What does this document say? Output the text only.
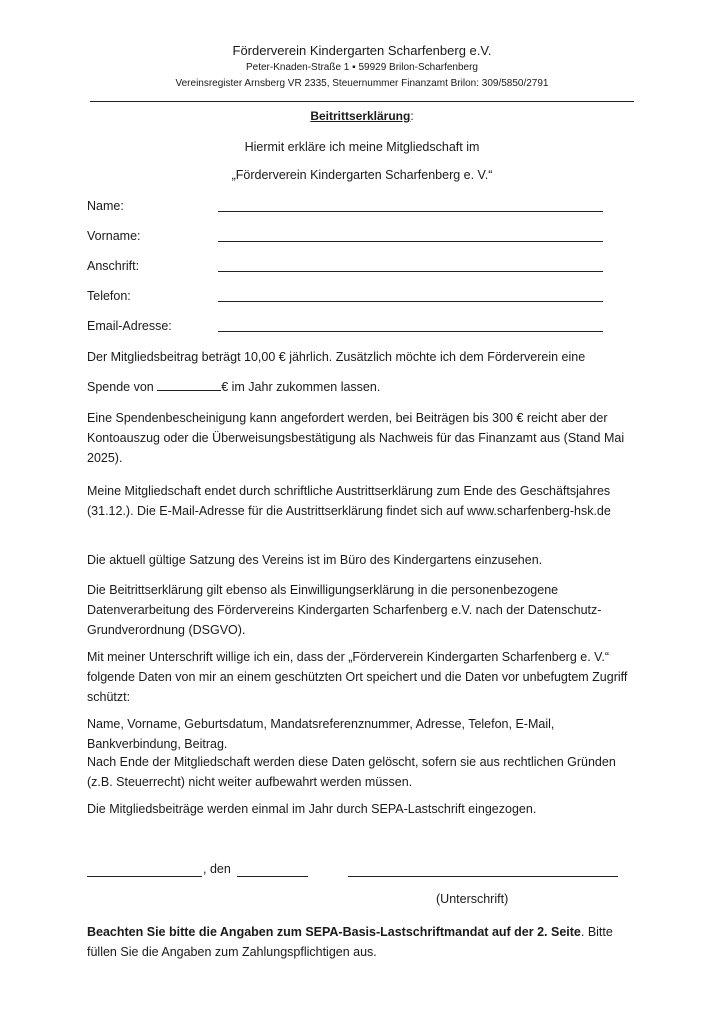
Förderverein Kindergarten Scharfenberg e.V.
Peter-Knaden-Straße 1 ▪ 59929 Brilon-Scharfenberg
Vereinsregister Arnsberg VR 2335, Steuernummer Finanzamt Brilon: 309/5850/2791
Beitrittserklärung:
Hiermit erkläre ich meine Mitgliedschaft im
„Förderverein Kindergarten Scharfenberg e. V.“
Name:
Vorname:
Anschrift:
Telefon:
Email-Adresse:
Der Mitgliedsbeitrag beträgt 10,00 € jährlich. Zusätzlich möchte ich dem Förderverein eine
Spende von	€ im Jahr zukommen lassen.
Eine Spendenbescheinigung kann angefordert werden, bei Beiträgen bis 300 € reicht aber der Kontoauszug oder die Überweisungsbestätigung als Nachweis für das Finanzamt aus (Stand Mai 2025).
Meine Mitgliedschaft endet durch schriftliche Austrittserklärung zum Ende des Geschäftsjahres (31.12.). Die E-Mail-Adresse für die Austrittserklärung findet sich auf www.scharfenberg-hsk.de
Die aktuell gültige Satzung des Vereins ist im Büro des Kindergartens einzusehen.
Die Beitrittserklärung gilt ebenso als Einwilligungserklärung in die personenbezogene Datenverarbeitung des Fördervereins Kindergarten Scharfenberg e.V. nach der Datenschutz-Grundverordnung (DSGVO).
Mit meiner Unterschrift willige ich ein, dass der „Förderverein Kindergarten Scharfenberg e. V.“ folgende Daten von mir an einem geschützten Ort speichert und die Daten vor unbefugtem Zugriff schützt:
Name, Vorname, Geburtsdatum, Mandatsreferenznummer, Adresse, Telefon, E-Mail, Bankverbindung, Beitrag.
Nach Ende der Mitgliedschaft werden diese Daten gelöscht, sofern sie aus rechtlichen Gründen (z.B. Steuerrecht) nicht weiter aufbewahrt werden müssen.
Die Mitgliedsbeiträge werden einmal im Jahr durch SEPA-Lastschrift eingezogen.
, den
(Unterschrift)
Beachten Sie bitte die Angaben zum SEPA-Basis-Lastschriftmandat auf der 2. Seite. Bitte füllen Sie die Angaben zum Zahlungspflichtigen aus.
